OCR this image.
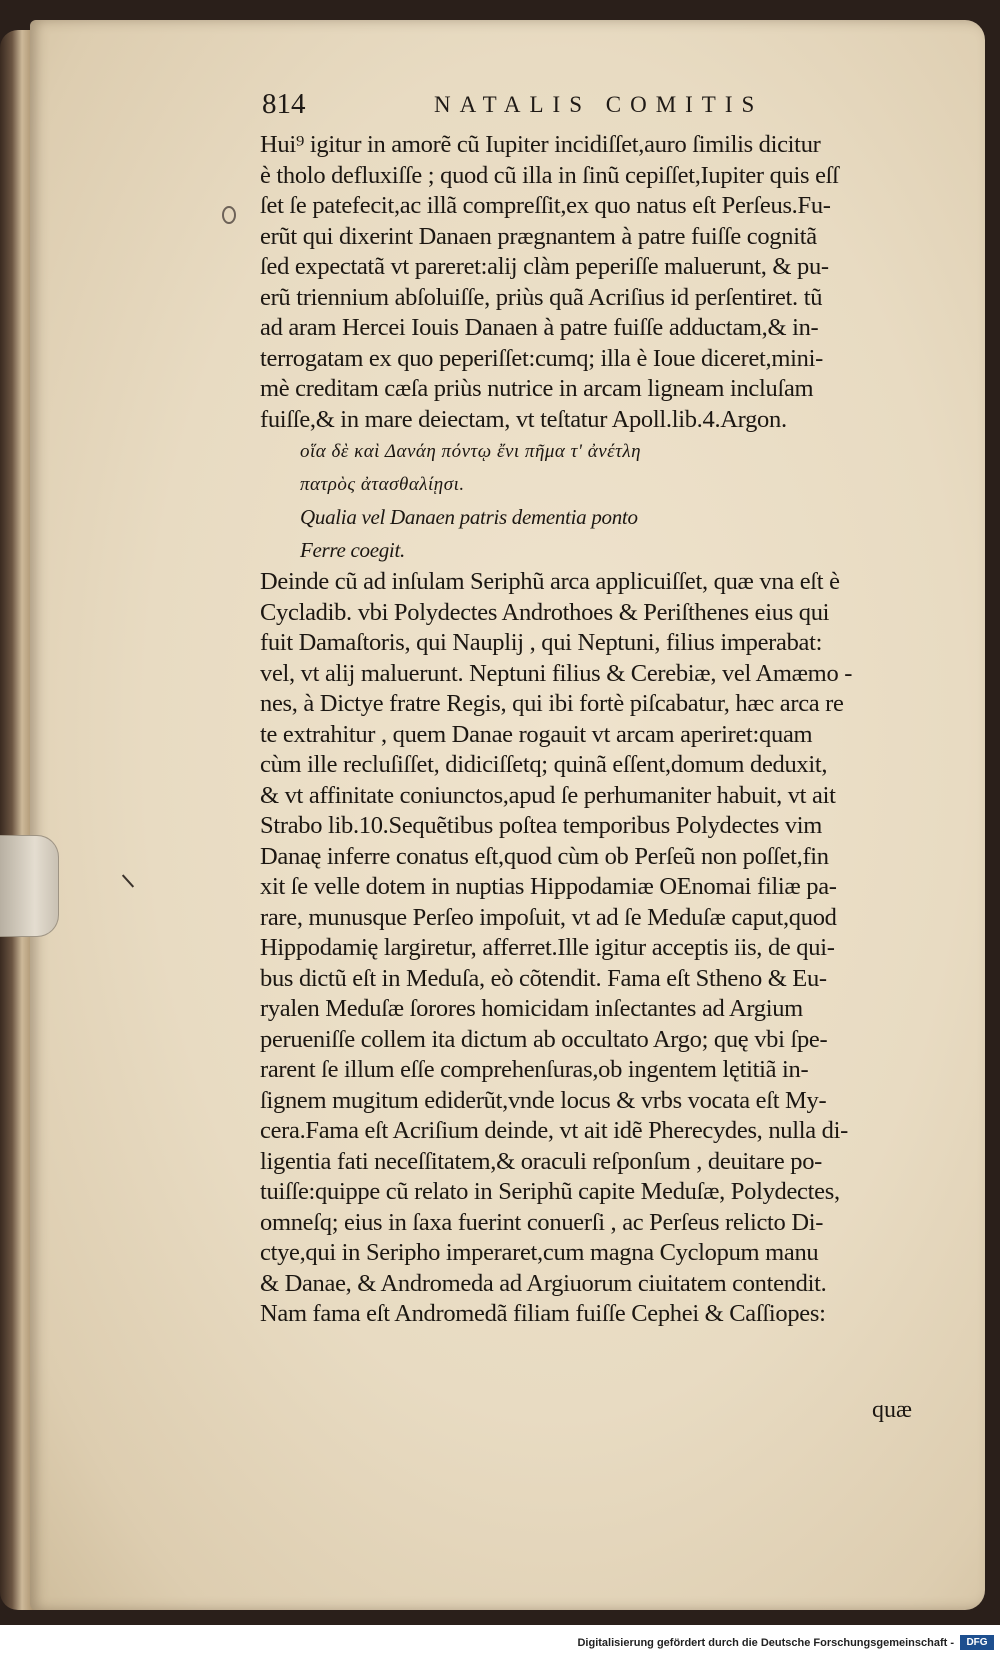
814	NATALIS COMITIS
Hui⁹ igitur in amorẽ cũ Iupiter incidiſſet,auro ſimilis dicitur
è tholo defluxiſſe ; quod cũ illa in ſinũ cepiſſet,Iupiter quis eſſ
ſet ſe patefecit,ac illã compreſſit,ex quo natus eſt Perſeus.Fu-
erũt qui dixerint Danaen prægnantem à patre fuiſſe cognitã
ſed expectatã vt pareret:alij clàm peperiſſe maluerunt, & pu-
erũ triennium abſoluiſſe, priùs quã Acriſius id perſentiret. tũ
ad aram Hercei Iouis Danaen à patre fuiſſe adductam,& in-
terrogatam ex quo peperiſſet:cumq; illa è Ioue diceret,mini-
mè creditam cæſa priùs nutrice in arcam ligneam incluſam
fuiſſe,& in mare deiectam, vt teſtatur Apoll.lib.4.Argon.
οἵα δὲ καὶ Δανάη πόντῳ ἔνι πῆμα τ' ἀνέτλη
πατρὸς ἀτασθαλίῃσι.
Qualia vel Danaen patris dementia ponto
Ferre coegit.
Deinde cũ ad inſulam Seriphũ arca applicuiſſet, quæ vna eſt è
Cycladib. vbi Polydectes Androthoes & Periſthenes eius qui
fuit Damaſtoris, qui Nauplij , qui Neptuni, filius imperabat:
vel, vt alij maluerunt. Neptuni filius & Cerebiæ, vel Amæmo -
nes, à Dictye fratre Regis, qui ibi fortè piſcabatur, hæc arca re
te extrahitur , quem Danae rogauit vt arcam aperiret:quam
cùm ille recluſiſſet, didiciſſetq; quinã eſſent,domum deduxit,
& vt affinitate coniunctos,apud ſe perhumaniter habuit, vt ait
Strabo lib.10.Sequẽtibus poſtea temporibus Polydectes vim
Danaę inferre conatus eſt,quod cùm ob Perſeũ non poſſet,fin
xit ſe velle dotem in nuptias Hippodamiæ OEnomai filiæ pa-
rare, munusque Perſeo impoſuit, vt ad ſe Meduſæ caput,quod
Hippodamię largiretur, afferret.Ille igitur acceptis iis, de qui-
bus dictũ eſt in Meduſa, eò cõtendit. Fama eſt Stheno & Eu-
ryalen Meduſæ ſorores homicidam inſectantes ad Argium
perueniſſe collem ita dictum ab occultato Argo; quę vbi ſpe-
rarent ſe illum eſſe comprehenſuras,ob ingentem lętitiã in-
ſignem mugitum ediderũt,vnde locus & vrbs vocata eſt My-
cera.Fama eſt Acriſium deinde, vt ait idẽ Pherecydes, nulla di-
ligentia fati neceſſitatem,& oraculi reſponſum , deuitare po-
tuiſſe:quippe cũ relato in Seriphũ capite Meduſæ, Polydectes,
omneſq; eius in ſaxa fuerint conuerſi , ac Perſeus relicto Di-
ctye,qui in Seripho imperaret,cum magna Cyclopum manu
& Danae, & Andromeda ad Argiuorum ciuitatem contendit.
Nam fama eſt Andromedã filiam fuiſſe Cephei & Caſſiopes:
quæ
Digitalisierung gefördert durch die Deutsche Forschungsgemeinschaft -	DFG
